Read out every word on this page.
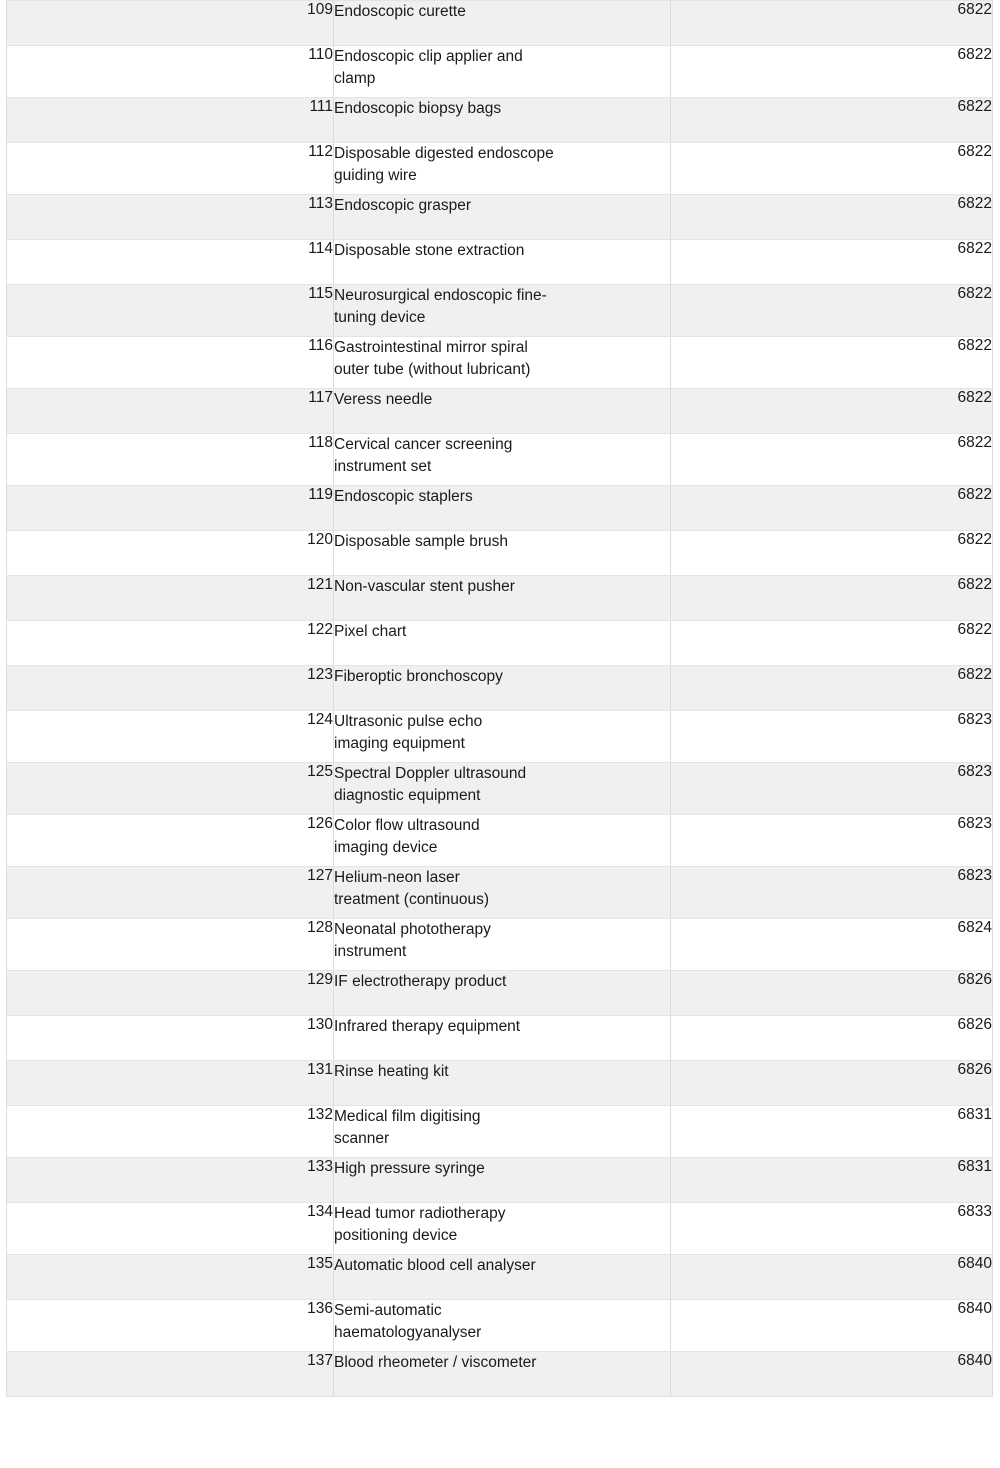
109	Endoscopic curette	6822
110	Endoscopic clip applier and
clamp	6822
111	Endoscopic biopsy bags	6822
112	Disposable digested endoscope
guiding wire	6822
113	Endoscopic grasper	6822
114	Disposable stone extraction	6822
115	Neurosurgical endoscopic fine-
tuning device	6822
116	Gastrointestinal mirror spiral
outer tube (without lubricant)	6822
117	Veress needle	6822
118	Cervical cancer screening
instrument set	6822
119	Endoscopic staplers	6822
120	Disposable sample brush	6822
121	Non-vascular stent pusher	6822
122	Pixel chart	6822
123	Fiberoptic bronchoscopy	6822
124	Ultrasonic pulse echo
imaging equipment	6823
125	Spectral Doppler ultrasound
diagnostic equipment	6823
126	Color flow ultrasound
imaging device	6823
127	Helium-neon laser
treatment (continuous)	6823
128	Neonatal phototherapy
instrument	6824
129	IF electrotherapy product	6826
130	Infrared therapy equipment	6826
131	Rinse heating kit	6826
132	Medical film digitising
scanner	6831
133	High pressure syringe	6831
134	Head tumor radiotherapy
positioning device	6833
135	Automatic blood cell analyser	6840
136	Semi-automatic
haematologyanalyser	6840
137	Blood rheometer / viscometer	6840
